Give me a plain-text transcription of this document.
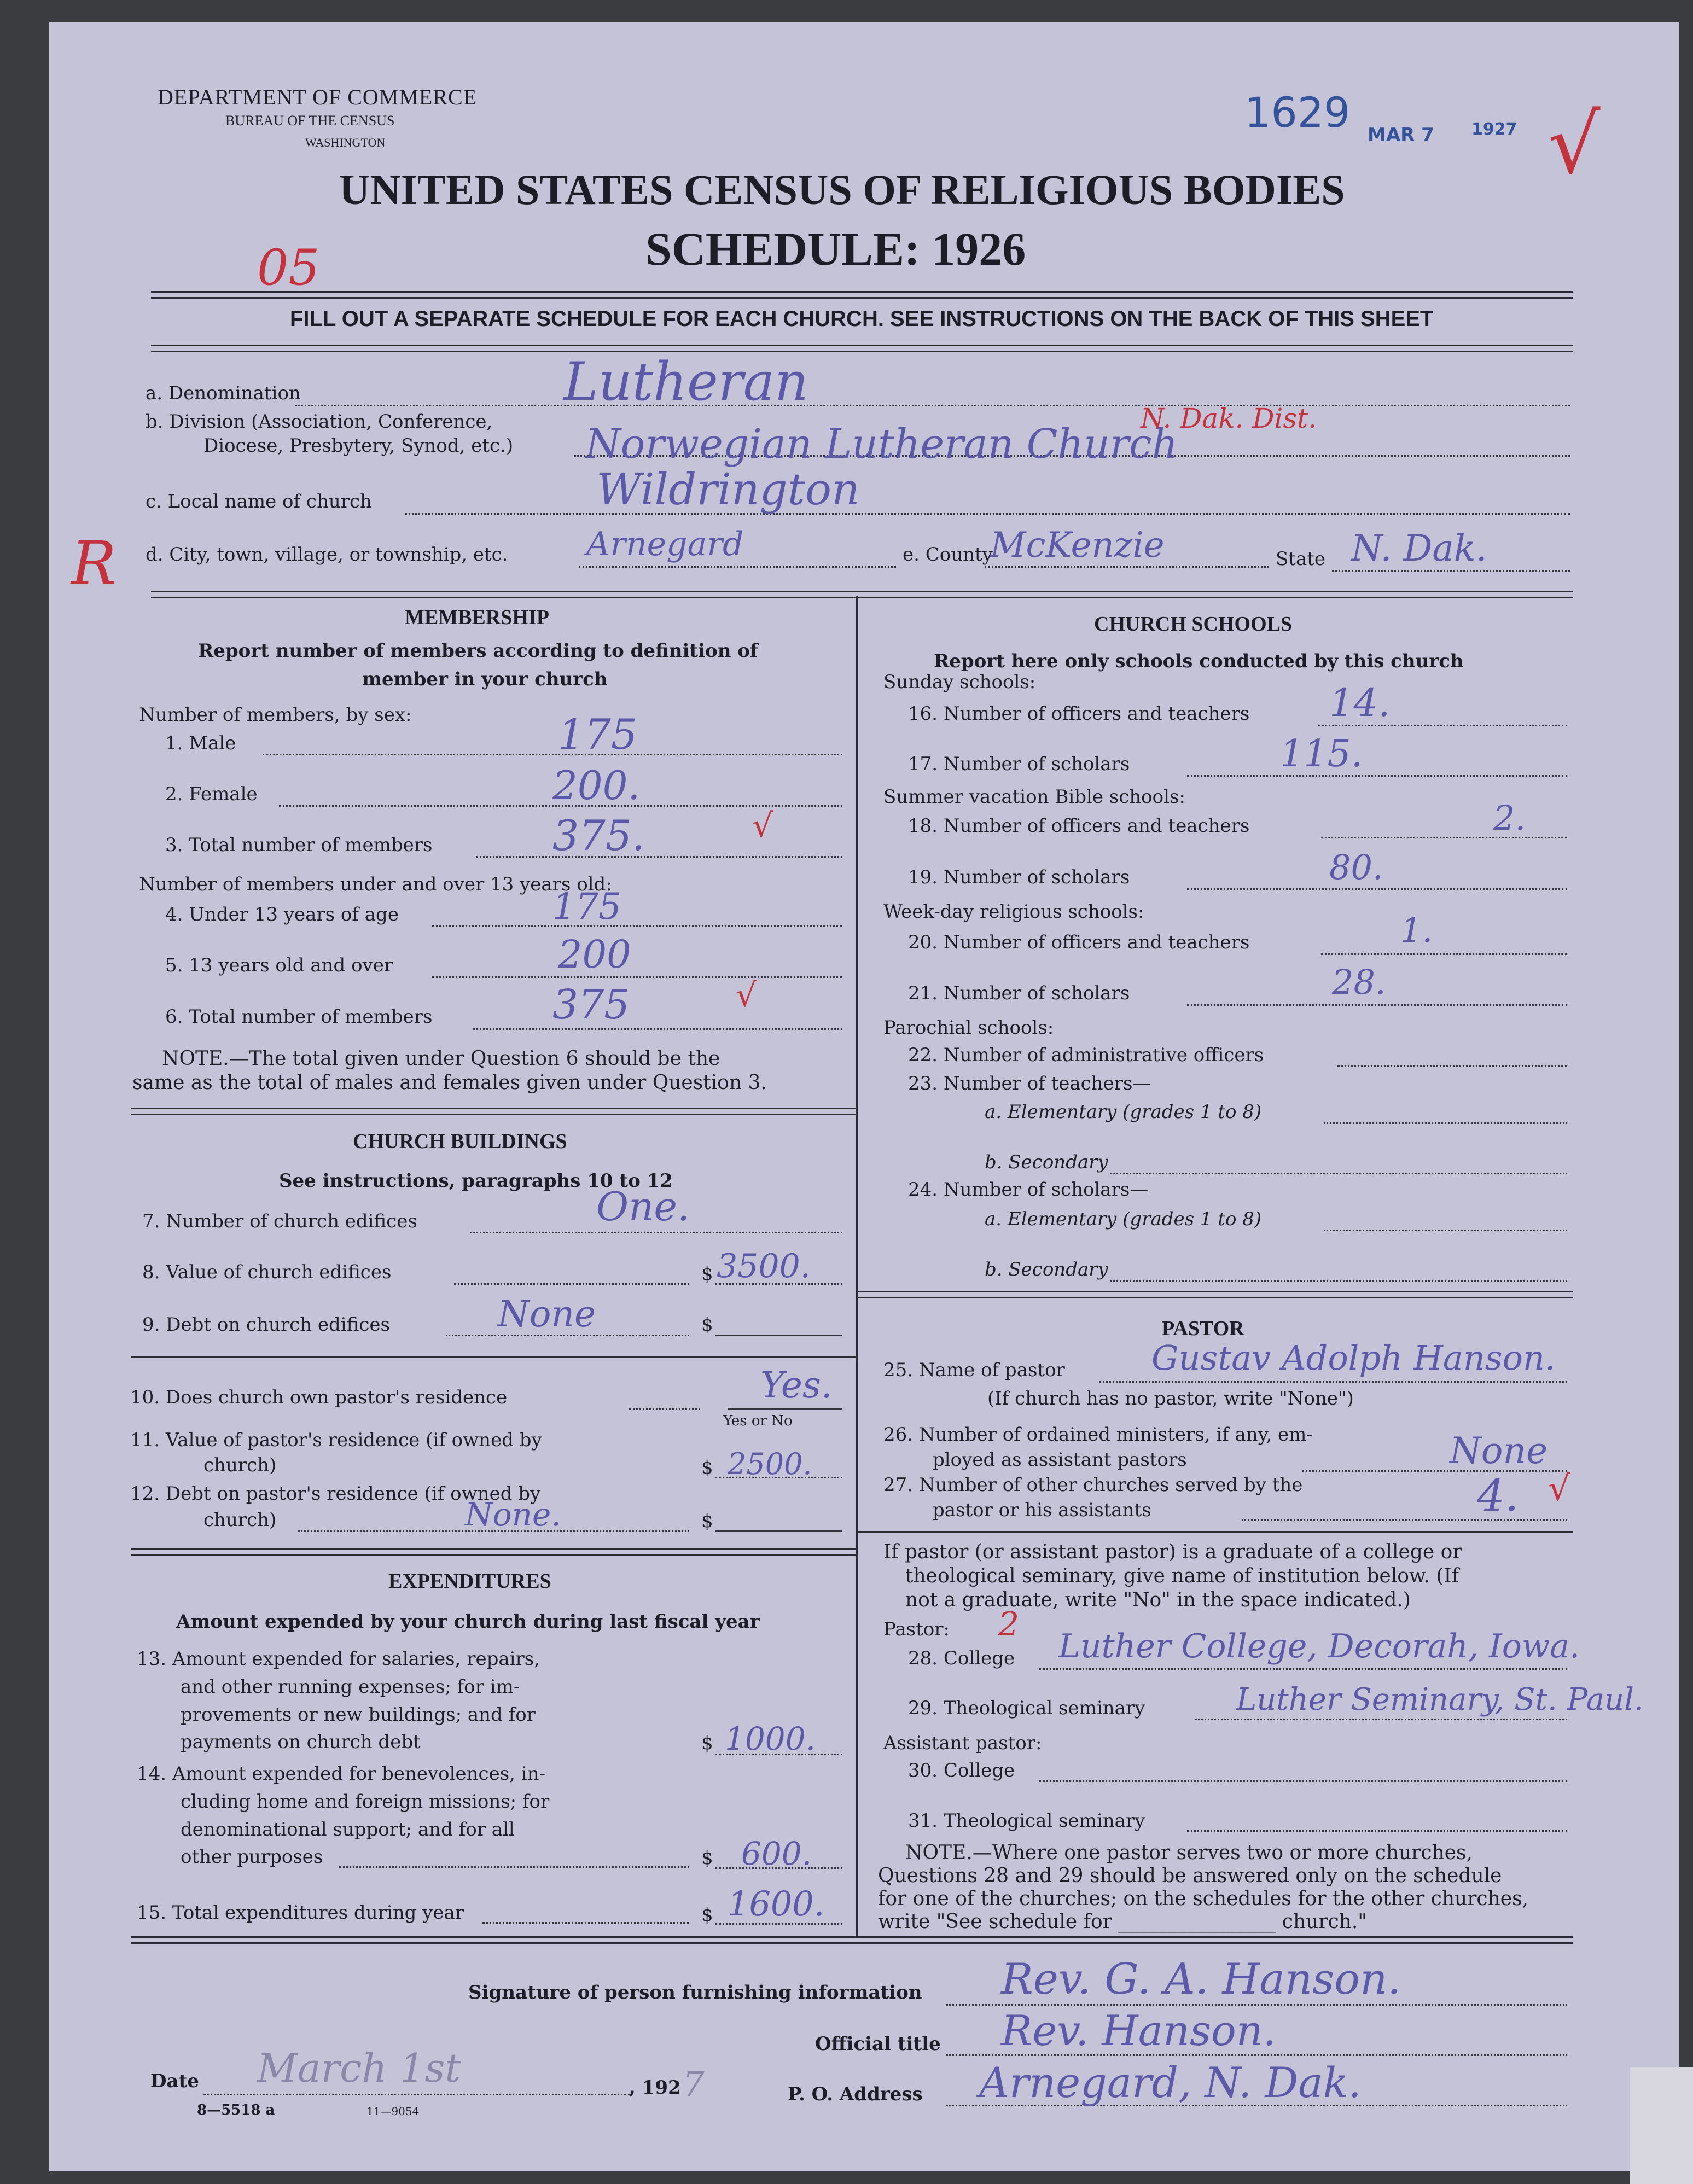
DEPARTMENT OF COMMERCE
BUREAU OF THE CENSUS
WASHINGTON
UNITED STATES CENSUS OF RELIGIOUS BODIES
SCHEDULE: 1926
1629 MAR 7 1927 √
05
R
FILL OUT A SEPARATE SCHEDULE FOR EACH CHURCH. SEE INSTRUCTIONS ON THE BACK OF THIS SHEET
a. Denomination	Lutheran
b. Division (Association, Conference,
Diocese, Presbytery, Synod, etc.) Norwegian Lutheran Church
N. Dak. Dist.
c. Local name of church	Wildrington
d. City, town, village, or township, etc. Arnegard	e. County
McKenzie	State N. Dak.
MEMBERSHIP
Report number of members according to definition of
member in your church
Number of members, by sex:
1. Male	175
2. Female	200.
3. Total number of members	375.	√
Number of members under and over 13 years old:
4. Under 13 years of age	175
5. 13 years old and over	200
6. Total number of members	375	√
NOTE.—The total given under Question 6 should be the
same as the total of males and females given under Question 3.
CHURCH BUILDINGS
See instructions, paragraphs 10 to 12
7. Number of church edifices	One.
8. Value of church edifices	$ 3500.
9. Debt on church edifices	$
None
10. Does church own pastor's residence	Yes.
Yes or No
11. Value of pastor's residence (if owned by
church)	$ 2500.
12. Debt on pastor's residence (if owned by
church)	$
None.
EXPENDITURES
Amount expended by your church during last fiscal year
13. Amount expended for salaries, repairs,
and other running expenses; for im-
provements or new buildings; and for
payments on church debt	$ 1000.
14. Amount expended for benevolences, in-
cluding home and foreign missions; for
denominational support; and for all
other purposes	$ 600.
15. Total expenditures during year	$ 1600.
CHURCH SCHOOLS
Report here only schools conducted by this church
Sunday schools:
16. Number of officers and teachers 14.
17. Number of scholars	115.
Summer vacation Bible schools:
18. Number of officers and teachers	2.
19. Number of scholars	80.
Week-day religious schools:
20. Number of officers and teachers	1.
21. Number of scholars	28.
Parochial schools:
22. Number of administrative officers
23. Number of teachers—
a. Elementary (grades 1 to 8)
b. Secondary
24. Number of scholars—
a. Elementary (grades 1 to 8)
b. Secondary
PASTOR
25. Name of pastor	Gustav Adolph Hanson.
(If church has no pastor, write "None")
26. Number of ordained ministers, if any, em-
ployed as assistant pastors	None
27. Number of other churches served by the
pastor or his assistants	4. √
If pastor (or assistant pastor) is a graduate of a college or
theological seminary, give name of institution below. (If
not a graduate, write "No" in the space indicated.)
Pastor: 2
28. College Luther College, Decorah, Iowa.
29. Theological seminary	Luther Seminary, St. Paul.
Assistant pastor:
30. College
31. Theological seminary
NOTE.—Where one pastor serves two or more churches,
Questions 28 and 29 should be answered only on the schedule
for one of the churches; on the schedules for the other churches,
write "See schedule for ________________ church."
Signature of person furnishing information Rev. G. A. Hanson.
Official title Rev. Hanson.
Date March 1st	, 192 7	P. O. Address Arnegard, N. Dak.
8—5518 a	11—9054
